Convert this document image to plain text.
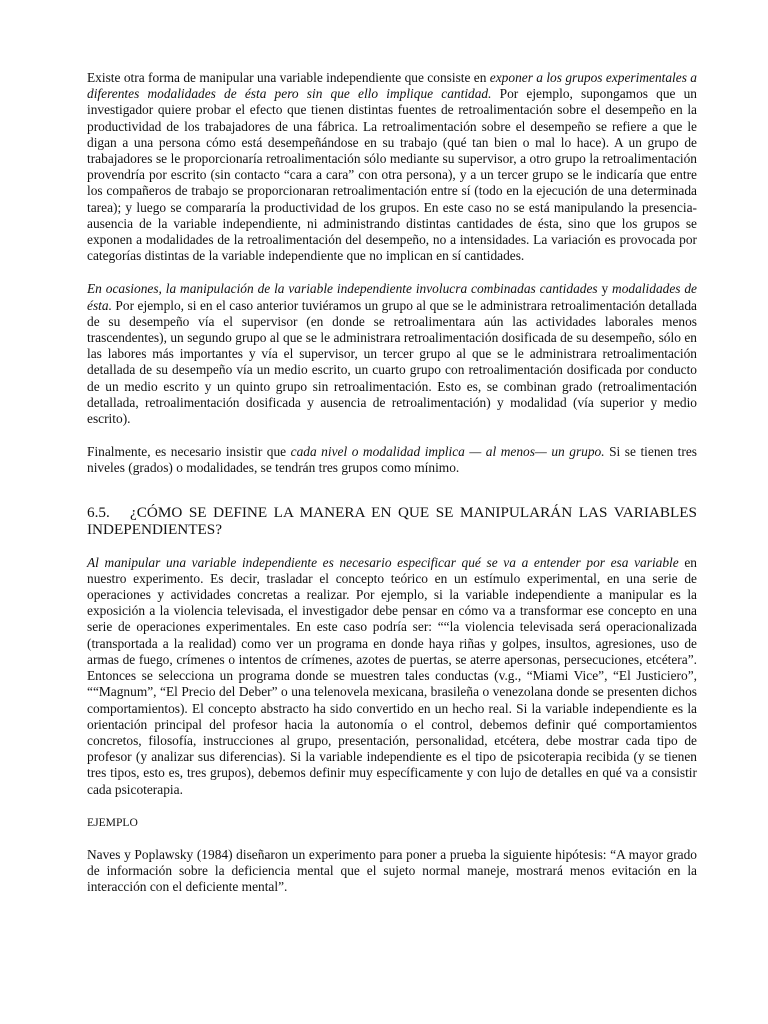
Existe otra forma de manipular una variable independiente que consiste en exponer a los grupos experimentales a diferentes modalidades de ésta pero sin que ello implique cantidad. Por ejemplo, supongamos que un investigador quiere probar el efecto que tienen distintas fuentes de retroalimentación sobre el desempeño en la productividad de los trabajadores de una fábrica. La retroalimentación sobre el desempeño se refiere a que le digan a una persona cómo está desempeñándose en su trabajo (qué tan bien o mal lo hace). A un grupo de trabajadores se le proporcionaría retroalimentación sólo mediante su supervisor, a otro grupo la retroalimentación provendría por escrito (sin contacto “cara a cara” con otra persona), y a un tercer grupo se le indicaría que entre los compañeros de trabajo se proporcionaran retroalimentación entre sí (todo en la ejecución de una determinada tarea); y luego se compararía la productividad de los grupos. En este caso no se está manipulando la presencia-ausencia de la variable independiente, ni administrando distintas cantidades de ésta, sino que los grupos se exponen a modalidades de la retroalimentación del desempeño, no a intensidades. La variación es provocada por categorías distintas de la variable independiente que no implican en sí cantidades.

En ocasiones, la manipulación de la variable independiente involucra combinadas cantidades y modalidades de ésta. Por ejemplo, si en el caso anterior tuviéramos un grupo al que se le administrara retroalimentación detallada de su desempeño vía el supervisor (en donde se retroalimentara aún las actividades laborales menos trascendentes), un segundo grupo al que se le administrara retroalimentación dosificada de su desempeño, sólo en las labores más importantes y vía el supervisor, un tercer grupo al que se le administrara retroalimentación detallada de su desempeño vía un medio escrito, un cuarto grupo con retroalimentación dosificada por conducto de un medio escrito y un quinto grupo sin retroalimentación. Esto es, se combinan grado (retroalimentación detallada, retroalimentación dosificada y ausencia de retroalimentación) y modalidad (vía superior y medio escrito).

Finalmente, es necesario insistir que cada nivel o modalidad implica — al menos— un grupo. Si se tienen tres niveles (grados) o modalidades, se tendrán tres grupos como mínimo.

6.5. ¿CÓMO SE DEFINE LA MANERA EN QUE SE MANIPULARÁN LAS VARIABLES INDEPENDIENTES?

Al manipular una variable independiente es necesario especificar qué se va a entender por esa variable en nuestro experimento. Es decir, trasladar el concepto teórico en un estímulo experimental, en una serie de operaciones y actividades concretas a realizar. Por ejemplo, si la variable independiente a manipular es la exposición a la violencia televisada, el investigador debe pensar en cómo va a transformar ese concepto en una serie de operaciones experimentales. En este caso podría ser: ““la violencia televisada será operacionalizada (transportada a la realidad) como ver un programa en donde haya riñas y golpes, insultos, agresiones, uso de armas de fuego, crímenes o intentos de crímenes, azotes de puertas, se aterre apersonas, persecuciones, etcétera”. Entonces se selecciona un programa donde se muestren tales conductas (v.g., “Miami Vice”, “El Justiciero”, ““Magnum”, “El Precio del Deber” o una telenovela mexicana, brasileña o venezolana donde se presenten dichos comportamientos). El concepto abstracto ha sido convertido en un hecho real. Si la variable independiente es la orientación principal del profesor hacia la autonomía o el control, debemos definir qué comportamientos concretos, filosofía, instrucciones al grupo, presentación, personalidad, etcétera, debe mostrar cada tipo de profesor (y analizar sus diferencias). Si la variable independiente es el tipo de psicoterapia recibida (y se tienen tres tipos, esto es, tres grupos), debemos definir muy específicamente y con lujo de detalles en qué va a consistir cada psicoterapia.

EJEMPLO

Naves y Poplawsky (1984) diseñaron un experimento para poner a prueba la siguiente hipótesis: “A mayor grado de información sobre la deficiencia mental que el sujeto normal maneje, mostrará menos evitación en la interacción con el deficiente mental”.
